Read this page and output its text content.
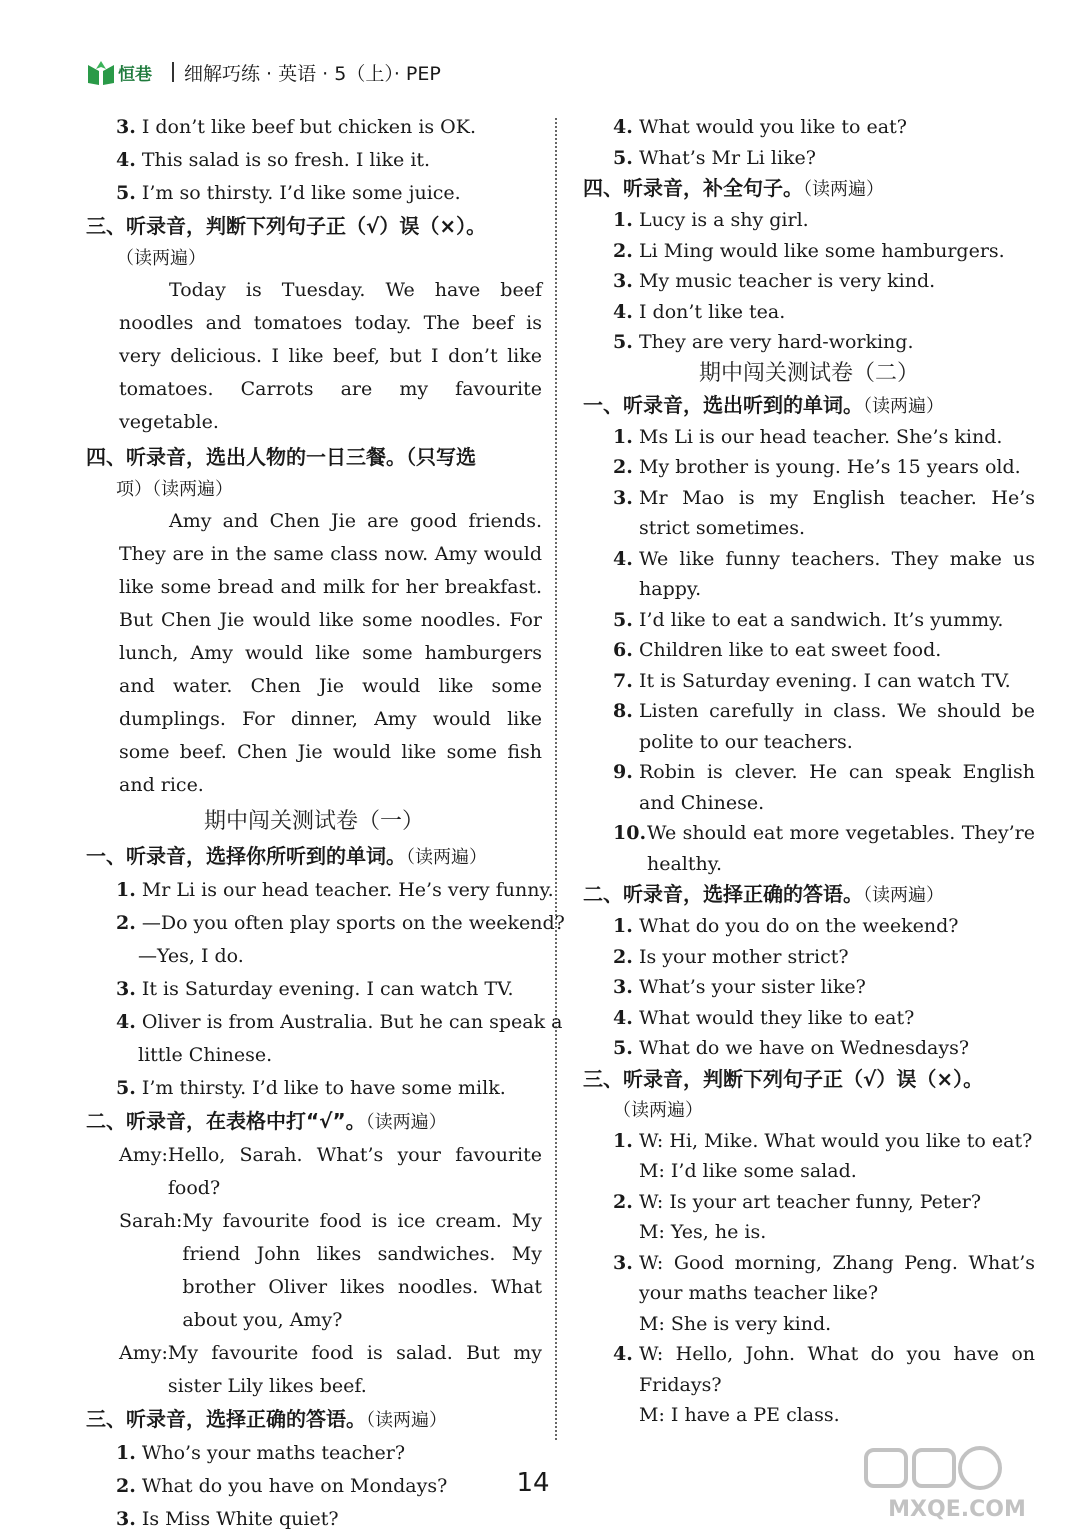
恒巷 细解巧练 · 英语 · 5（上）· PEP
3. I don’t like beef but chicken is OK.
4. This salad is so fresh. I like it.
5. I’m so thirsty. I’d like some juice.
三、听录音，判断下列句子正（√）误（×）。
（读两遍）
Today is Tuesday. We have beef noodles and tomatoes today. The beef is very delicious. I like beef, but I don’t like tomatoes. Carrots are my favourite vegetable.
四、听录音，选出人物的一日三餐。（只写选
项）（读两遍）
Amy and Chen Jie are good friends. They are in the same class now. Amy would like some bread and milk for her breakfast. But Chen Jie would like some noodles. For lunch, Amy would like some hamburgers and water. Chen Jie would like some dumplings. For dinner, Amy would like some beef. Chen Jie would like some fish and rice.
期中闯关测试卷（一）
一、听录音，选择你所听到的单词。（读两遍）
1. Mr Li is our head teacher. He’s very funny.
2. —Do you often play sports on the weekend?
—Yes, I do.
3. It is Saturday evening. I can watch TV.
4. Oliver is from Australia. But he can speak a
little Chinese.
5. I’m thirsty. I’d like to have some milk.
二、听录音，在表格中打“√”。（读两遍）
Amy: Hello, Sarah. What’s your favourite food?
Sarah: My favourite food is ice cream. My friend John likes sandwiches. My brother Oliver likes noodles. What about you, Amy?
Amy: My favourite food is salad. But my sister Lily likes beef.
三、听录音，选择正确的答语。（读两遍）
1. Who’s your maths teacher?
2. What do you have on Mondays?
3. Is Miss White quiet?
4. What would you like to eat?
5. What’s Mr Li like?
四、听录音，补全句子。（读两遍）
1. Lucy is a shy girl.
2. Li Ming would like some hamburgers.
3. My music teacher is very kind.
4. I don’t like tea.
5. They are very hard-working.
期中闯关测试卷（二）
一、听录音，选出听到的单词。（读两遍）
1. Ms Li is our head teacher. She’s kind.
2. My brother is young. He’s 15 years old.
3. Mr Mao is my English teacher. He’s strict sometimes.
4. We like funny teachers. They make us happy.
5. I’d like to eat a sandwich. It’s yummy.
6. Children like to eat sweet food.
7. It is Saturday evening. I can watch TV.
8. Listen carefully in class. We should be polite to our teachers.
9. Robin is clever. He can speak English and Chinese.
10. We should eat more vegetables. They’re healthy.
二、听录音，选择正确的答语。（读两遍）
1. What do you do on the weekend?
2. Is your mother strict?
3. What’s your sister like?
4. What would they like to eat?
5. What do we have on Wednesdays?
三、听录音，判断下列句子正（√）误（×）。
（读两遍）
1. W: Hi, Mike. What would you like to eat?
M: I’d like some salad.
2. W: Is your art teacher funny, Peter?
M: Yes, he is.
3. W: Good morning, Zhang Peng. What’s your maths teacher like?
M: She is very kind.
4. W: Hello, John. What do you have on Fridays?
M: I have a PE class.
14
MXQE.COM
